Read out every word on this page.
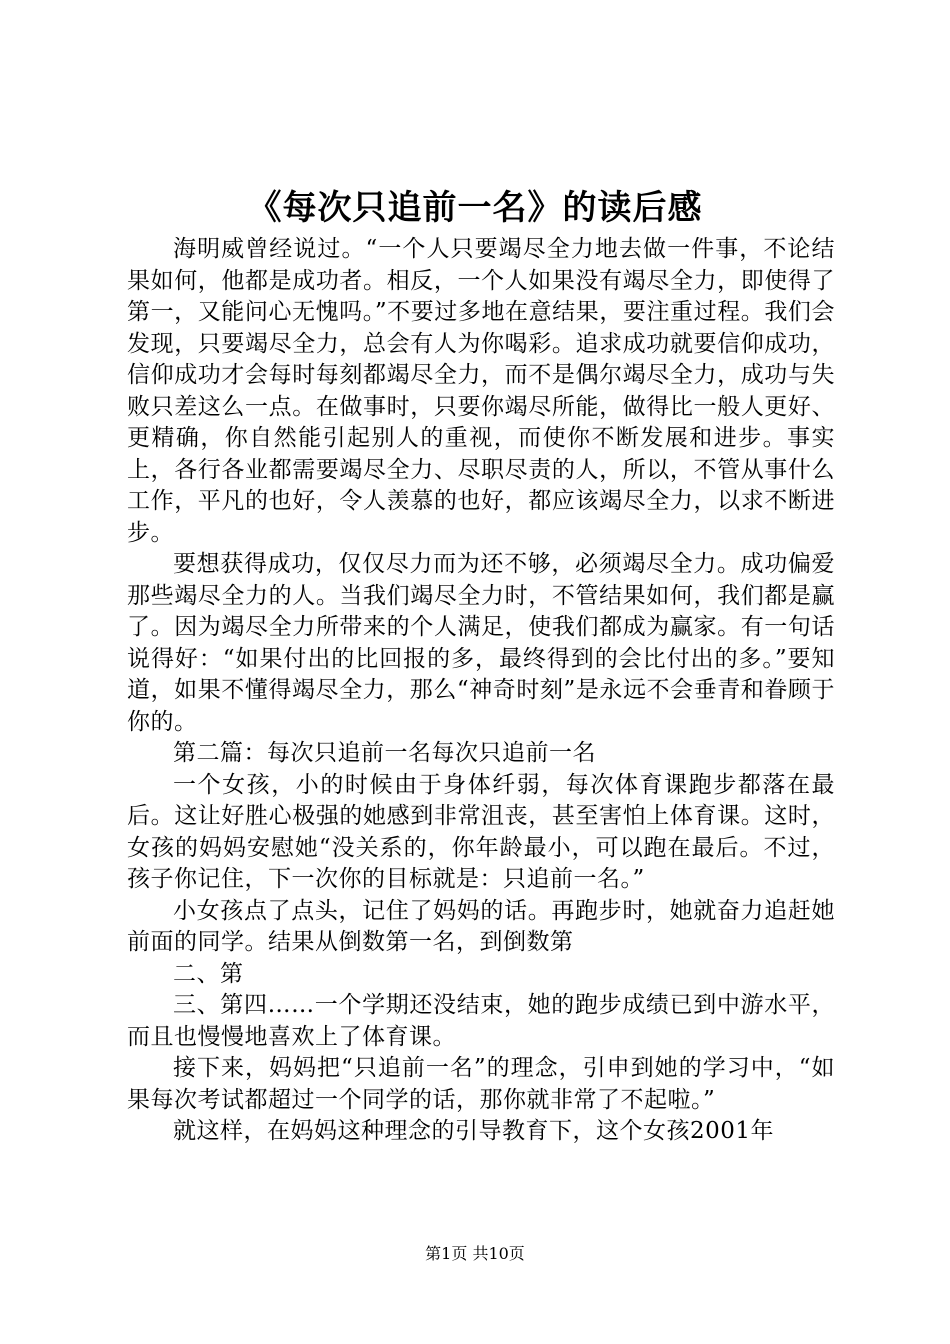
《每次只追前一名》的读后感

海明威曾经说过。“一个人只要竭尽全力地去做一件事，不论结果如何，他都是成功者。相反，一个人如果没有竭尽全力，即使得了第一，又能问心无愧吗。”不要过多地在意结果，要注重过程。我们会发现，只要竭尽全力，总会有人为你喝彩。追求成功就要信仰成功，信仰成功才会每时每刻都竭尽全力，而不是偶尔竭尽全力，成功与失败只差这么一点。在做事时，只要你竭尽所能，做得比一般人更好、更精确，你自然能引起别人的重视，而使你不断发展和进步。事实上，各行各业都需要竭尽全力、尽职尽责的人，所以，不管从事什么工作，平凡的也好，令人羡慕的也好，都应该竭尽全力，以求不断进步。

要想获得成功，仅仅尽力而为还不够，必须竭尽全力。成功偏爱那些竭尽全力的人。当我们竭尽全力时，不管结果如何，我们都是赢了。因为竭尽全力所带来的个人满足，使我们都成为赢家。有一句话说得好：“如果付出的比回报的多，最终得到的会比付出的多。”要知道，如果不懂得竭尽全力，那么“神奇时刻”是永远不会垂青和眷顾于你的。

第二篇：每次只追前一名每次只追前一名

一个女孩，小的时候由于身体纤弱，每次体育课跑步都落在最后。这让好胜心极强的她感到非常沮丧，甚至害怕上体育课。这时，女孩的妈妈安慰她“没关系的，你年龄最小，可以跑在最后。不过，孩子你记住，下一次你的目标就是：只追前一名。”

小女孩点了点头，记住了妈妈的话。再跑步时，她就奋力追赶她前面的同学。结果从倒数第一名，到倒数第

二、第

三、第四……一个学期还没结束，她的跑步成绩已到中游水平，而且也慢慢地喜欢上了体育课。

接下来，妈妈把“只追前一名”的理念，引申到她的学习中，“如果每次考试都超过一个同学的话，那你就非常了不起啦。”

就这样，在妈妈这种理念的引导教育下，这个女孩2001年

第1页 共10页
